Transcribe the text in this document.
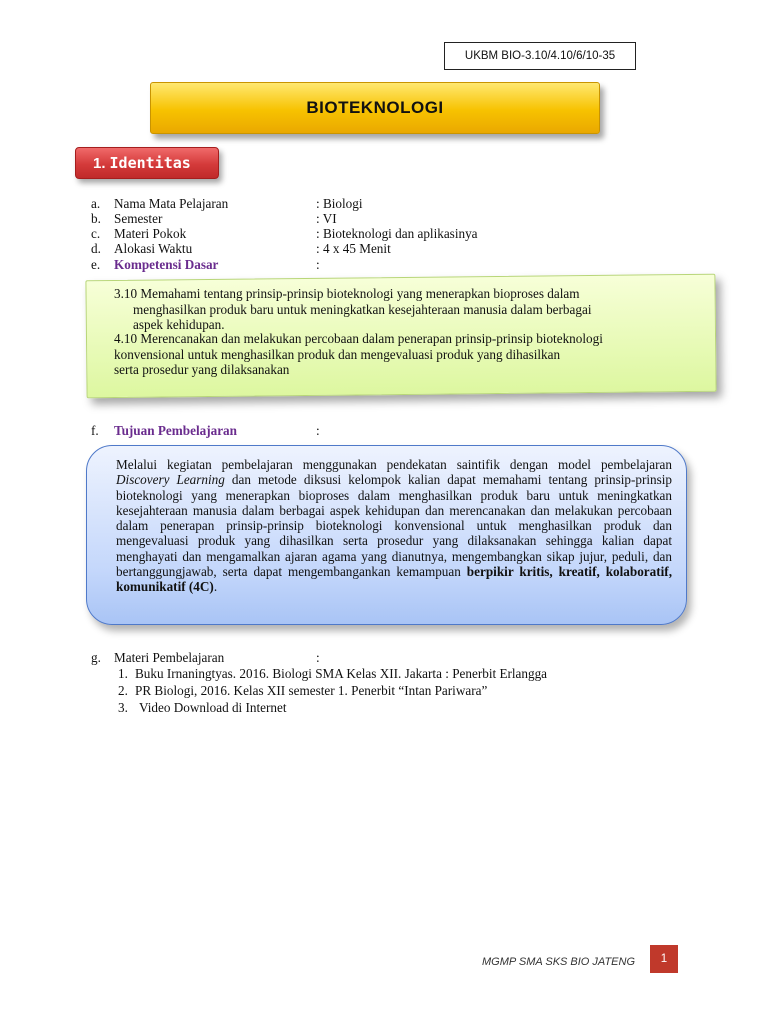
UKBM BIO-3.10/4.10/6/10-35
BIOTEKNOLOGI
1. Identitas
a.	Nama Mata Pelajaran	: Biologi
b. Semester	: VI
c.	Materi Pokok	: Bioteknologi dan aplikasinya
d. Alokasi Waktu	: 4 x 45 Menit
e.	Kompetensi Dasar	:
3.10 Memahami tentang prinsip-prinsip bioteknologi yang menerapkan bioproses dalam
menghasilkan produk baru untuk meningkatkan kesejahteraan manusia dalam berbagai
aspek kehidupan.
4.10 Merencanakan dan melakukan percobaan dalam penerapan prinsip-prinsip bioteknologi
konvensional untuk menghasilkan produk dan mengevaluasi produk yang dihasilkan
serta prosedur yang dilaksanakan
f. Tujuan Pembelajaran	:
Melalui kegiatan pembelajaran menggunakan pendekatan saintifik dengan model pembelajaran Discovery Learning dan metode diksusi kelompok kalian dapat memahami tentang prinsip-prinsip bioteknologi yang menerapkan bioproses dalam menghasilkan produk baru untuk meningkatkan kesejahteraan manusia dalam berbagai aspek kehidupan dan merencanakan dan melakukan percobaan dalam penerapan prinsip-prinsip bioteknologi konvensional untuk menghasilkan produk dan mengevaluasi produk yang dihasilkan serta prosedur yang dilaksanakan sehingga kalian dapat menghayati dan mengamalkan ajaran agama yang dianutnya, mengembangkan sikap jujur, peduli, dan bertanggungjawab, serta dapat mengembangankan kemampuan berpikir kritis, kreatif, kolaboratif, komunikatif (4C).
g. Materi Pembelajaran	:
1. Buku Irnaningtyas. 2016. Biologi SMA Kelas XII. Jakarta : Penerbit Erlangga
2. PR Biologi, 2016. Kelas XII semester 1. Penerbit “Intan Pariwara”
3. Video Download di Internet
MGMP SMA SKS BIO JATENG	1
